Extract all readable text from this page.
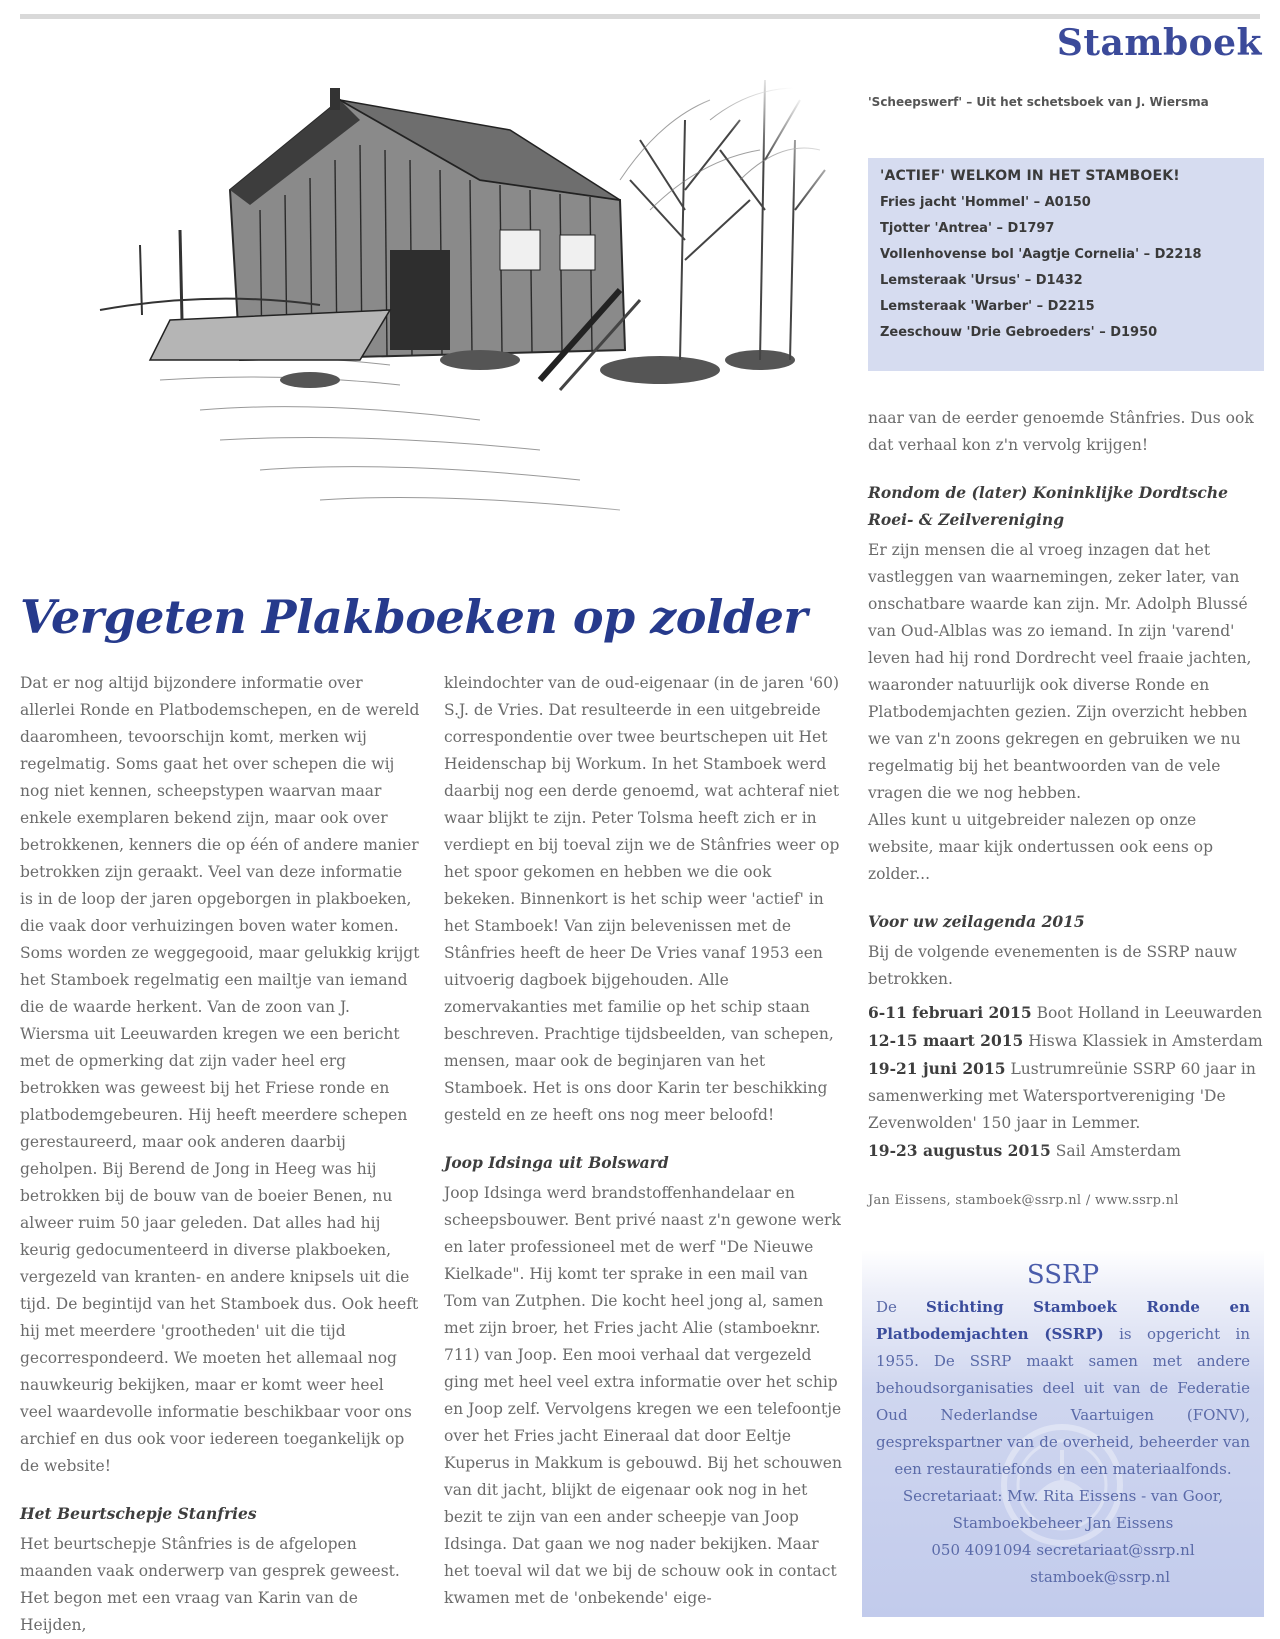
Stamboek
'Scheepswerf' – Uit het schetsboek van J. Wiersma
'ACTIEF' WELKOM IN HET STAMBOEK!
Fries jacht 'Hommel' – A0150
Tjotter 'Antrea' – D1797
Vollenhovense bol 'Aagtje Cornelia' – D2218
Lemsteraak 'Ursus' – D1432
Lemsteraak 'Warber' – D2215
Zeeschouw 'Drie Gebroeders' – D1950
Vergeten Plakboeken op zolder

Dat er nog altijd bijzondere informatie over allerlei Ronde en Platbodemschepen, en de wereld daaromheen, tevoorschijn komt, merken wij regelmatig. Soms gaat het over schepen die wij nog niet kennen, scheepstypen waarvan maar enkele exemplaren bekend zijn, maar ook over betrokkenen, kenners die op één of andere manier betrokken zijn geraakt. Veel van deze informatie is in de loop der jaren opgeborgen in plakboeken, die vaak door verhuizingen boven water komen. Soms worden ze weggegooid, maar gelukkig krijgt het Stamboek regelmatig een mailtje van iemand die de waarde herkent. Van de zoon van J. Wiersma uit Leeuwarden kregen we een bericht met de opmerking dat zijn vader heel erg betrokken was geweest bij het Friese ronde en platbodemgebeuren. Hij heeft meerdere schepen gerestaureerd, maar ook anderen daarbij geholpen. Bij Berend de Jong in Heeg was hij betrokken bij de bouw van de boeier Benen, nu alweer ruim 50 jaar geleden. Dat alles had hij keurig gedocumenteerd in diverse plakboeken, vergezeld van kranten- en andere knipsels uit die tijd. De begintijd van het Stamboek dus. Ook heeft hij met meerdere 'grootheden' uit die tijd gecorrespondeerd. We moeten het allemaal nog nauwkeurig bekijken, maar er komt weer heel veel waardevolle informatie beschikbaar voor ons archief en dus ook voor iedereen toegankelijk op de website!

Het Beurtschepje Stanfries

Het beurtschepje Stânfries is de afgelopen maanden vaak onderwerp van gesprek geweest. Het begon met een vraag van Karin van de Heijden,

kleindochter van de oud-eigenaar (in de jaren '60) S.J. de Vries. Dat resulteerde in een uitgebreide correspondentie over twee beurtschepen uit Het Heidenschap bij Workum. In het Stamboek werd daarbij nog een derde genoemd, wat achteraf niet waar blijkt te zijn. Peter Tolsma heeft zich er in verdiept en bij toeval zijn we de Stânfries weer op het spoor gekomen en hebben we die ook bekeken. Binnenkort is het schip weer 'actief' in het Stamboek! Van zijn belevenissen met de Stânfries heeft de heer De Vries vanaf 1953 een uitvoerig dagboek bijgehouden. Alle zomervakanties met familie op het schip staan beschreven. Prachtige tijdsbeelden, van schepen, mensen, maar ook de beginjaren van het Stamboek. Het is ons door Karin ter beschikking gesteld en ze heeft ons nog meer beloofd!

Joop Idsinga uit Bolsward

Joop Idsinga werd brandstoffenhandelaar en scheepsbouwer. Bent privé naast z'n gewone werk en later professioneel met de werf "De Nieuwe Kielkade". Hij komt ter sprake in een mail van Tom van Zutphen. Die kocht heel jong al, samen met zijn broer, het Fries jacht Alie (stamboeknr. 711) van Joop. Een mooi verhaal dat vergezeld ging met heel veel extra informatie over het schip en Joop zelf. Vervolgens kregen we een telefoontje over het Fries jacht Eineraal dat door Eeltje Kuperus in Makkum is gebouwd. Bij het schouwen van dit jacht, blijkt de eigenaar ook nog in het bezit te zijn van een ander scheepje van Joop Idsinga. Dat gaan we nog nader bekijken. Maar het toeval wil dat we bij de schouw ook in contact kwamen met de 'onbekende' eige-

naar van de eerder genoemde Stânfries. Dus ook dat verhaal kon z'n vervolg krijgen!

Rondom de (later) Koninklijke Dordtsche Roei- & Zeilvereniging

Er zijn mensen die al vroeg inzagen dat het vastleggen van waarnemingen, zeker later, van onschatbare waarde kan zijn. Mr. Adolph Blussé van Oud-Alblas was zo iemand. In zijn 'varend' leven had hij rond Dordrecht veel fraaie jachten, waaronder natuurlijk ook diverse Ronde en Platbodemjachten gezien. Zijn overzicht hebben we van z'n zoons gekregen en gebruiken we nu regelmatig bij het beantwoorden van de vele vragen die we nog hebben.

Alles kunt u uitgebreider nalezen op onze website, maar kijk ondertussen ook eens op zolder...

Voor uw zeilagenda 2015

Bij de volgende evenementen is de SSRP nauw betrokken.

6-11 februari 2015 Boot Holland in Leeuwarden
12-15 maart 2015 Hiswa Klassiek in Amsterdam
19-21 juni 2015 Lustrumreünie SSRP 60 jaar in samenwerking met Watersportvereniging 'De Zevenwolden' 150 jaar in Lemmer.
19-23 augustus 2015 Sail Amsterdam

Jan Eissens, stamboek@ssrp.nl / www.ssrp.nl

SSRP
De Stichting Stamboek Ronde en Platbodemjachten (SSRP) is opgericht in 1955. De SSRP maakt samen met andere behoudsorganisaties deel uit van de Federatie Oud Nederlandse Vaartuigen (FONV), gesprekspartner van de overheid, beheerder van een restauratiefonds en een materiaalfonds.
Secretariaat: Mw. Rita Eissens - van Goor,
Stamboekbeheer Jan Eissens
050 4091094 secretariaat@ssrp.nl
stamboek@ssrp.nl
